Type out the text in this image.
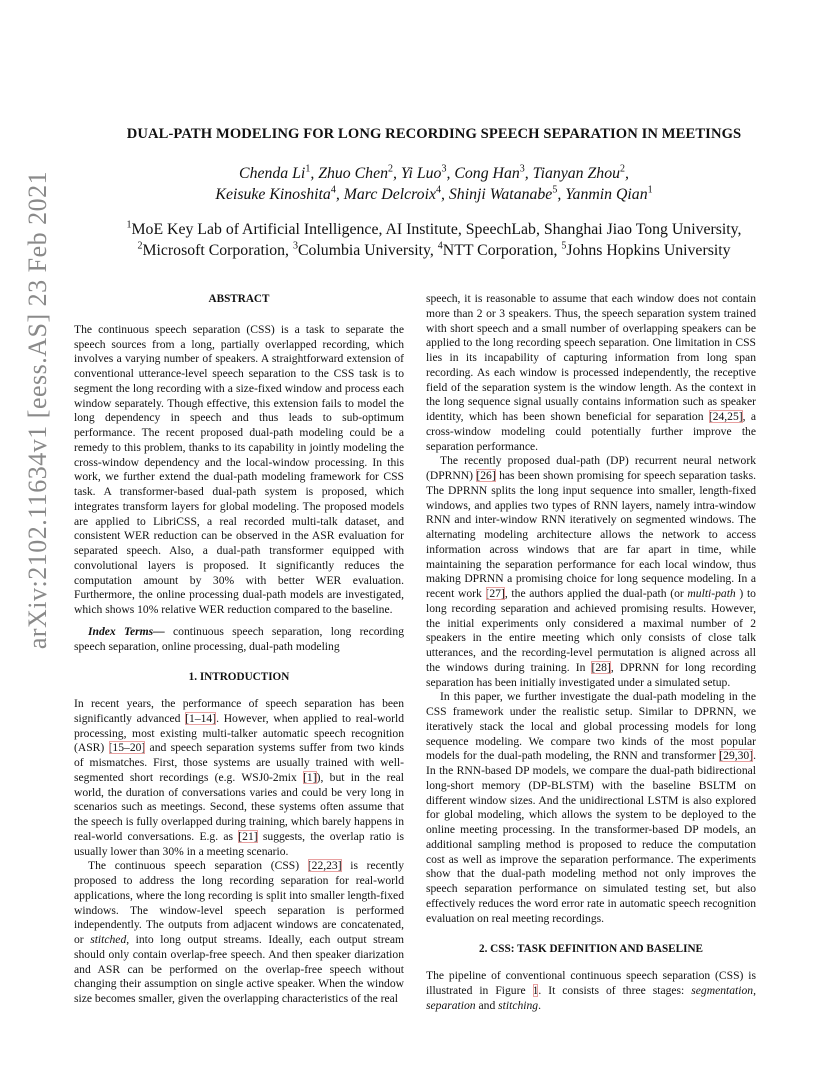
arXiv:2102.11634v1 [eess.AS] 23 Feb 2021
DUAL-PATH MODELING FOR LONG RECORDING SPEECH SEPARATION IN MEETINGS
Chenda Li$^1$, Zhuo Chen$^2$, Yi Luo$^3$, Cong Han$^3$, Tianyan Zhou$^2$,
Keisuke Kinoshita$^4$, Marc Delcroix$^4$, Shinji Watanabe$^5$, Yanmin Qian$^1$
$^1$MoE Key Lab of Artificial Intelligence, AI Institute, SpeechLab, Shanghai Jiao Tong University,
$^2$Microsoft Corporation, $^3$Columbia University, $^4$NTT Corporation, $^5$Johns Hopkins University

ABSTRACT

The continuous speech separation (CSS) is a task to separate the speech sources from a long, partially overlapped recording, which involves a varying number of speakers. A straightforward extension of conventional utterance-level speech separation to the CSS task is to segment the long recording with a size-fixed window and process each window separately. Though effective, this extension fails to model the long dependency in speech and thus leads to sub-optimum performance. The recent proposed dual-path modeling could be a remedy to this problem, thanks to its capability in jointly modeling the cross-window dependency and the local-window processing. In this work, we further extend the dual-path modeling framework for CSS task. A transformer-based dual-path system is proposed, which integrates transform layers for global modeling. The proposed models are applied to LibriCSS, a real recorded multi-talk dataset, and consistent WER reduction can be observed in the ASR evaluation for separated speech. Also, a dual-path transformer equipped with convolutional layers is proposed. It significantly reduces the computation amount by 30% with better WER evaluation. Furthermore, the online processing dual-path models are investigated, which shows 10% relative WER reduction compared to the baseline.

Index Terms— continuous speech separation, long recording speech separation, online processing, dual-path modeling

1. INTRODUCTION

In recent years, the performance of speech separation has been significantly advanced [1–14]. However, when applied to real-world processing, most existing multi-talker automatic speech recognition (ASR) [15–20] and speech separation systems suffer from two kinds of mismatches. First, those systems are usually trained with well-segmented short recordings (e.g. WSJ0-2mix [1]), but in the real world, the duration of conversations varies and could be very long in scenarios such as meetings. Second, these systems often assume that the speech is fully overlapped during training, which barely happens in real-world conversations. E.g. as [21] suggests, the overlap ratio is usually lower than 30% in a meeting scenario.

The continuous speech separation (CSS) [22,23] is recently proposed to address the long recording separation for real-world applications, where the long recording is split into smaller length-fixed windows. The window-level speech separation is performed independently. The outputs from adjacent windows are concatenated, or stitched, into long output streams. Ideally, each output stream should only contain overlap-free speech. And then speaker diarization and ASR can be performed on the overlap-free speech without changing their assumption on single active speaker. When the window size becomes smaller, given the overlapping characteristics of the real

speech, it is reasonable to assume that each window does not contain more than 2 or 3 speakers. Thus, the speech separation system trained with short speech and a small number of overlapping speakers can be applied to the long recording speech separation. One limitation in CSS lies in its incapability of capturing information from long span recording. As each window is processed independently, the receptive field of the separation system is the window length. As the context in the long sequence signal usually contains information such as speaker identity, which has been shown beneficial for separation [24,25], a cross-window modeling could potentially further improve the separation performance.

The recently proposed dual-path (DP) recurrent neural network (DPRNN) [26] has been shown promising for speech separation tasks. The DPRNN splits the long input sequence into smaller, length-fixed windows, and applies two types of RNN layers, namely intra-window RNN and inter-window RNN iteratively on segmented windows. The alternating modeling architecture allows the network to access information across windows that are far apart in time, while maintaining the separation performance for each local window, thus making DPRNN a promising choice for long sequence modeling. In a recent work [27], the authors applied the dual-path (or multi-path ) to long recording separation and achieved promising results. However, the initial experiments only considered a maximal number of 2 speakers in the entire meeting which only consists of close talk utterances, and the recording-level permutation is aligned across all the windows during training. In [28], DPRNN for long recording separation has been initially investigated under a simulated setup.

In this paper, we further investigate the dual-path modeling in the CSS framework under the realistic setup. Similar to DPRNN, we iteratively stack the local and global processing models for long sequence modeling. We compare two kinds of the most popular models for the dual-path modeling, the RNN and transformer [29,30]. In the RNN-based DP models, we compare the dual-path bidirectional long-short memory (DP-BLSTM) with the baseline BSLTM on different window sizes. And the unidirectional LSTM is also explored for global modeling, which allows the system to be deployed to the online meeting processing. In the transformer-based DP models, an additional sampling method is proposed to reduce the computation cost as well as improve the separation performance. The experiments show that the dual-path modeling method not only improves the speech separation performance on simulated testing set, but also effectively reduces the word error rate in automatic speech recognition evaluation on real meeting recordings.

2. CSS: TASK DEFINITION AND BASELINE

The pipeline of conventional continuous speech separation (CSS) is illustrated in Figure 1. It consists of three stages: segmentation, separation and stitching.
